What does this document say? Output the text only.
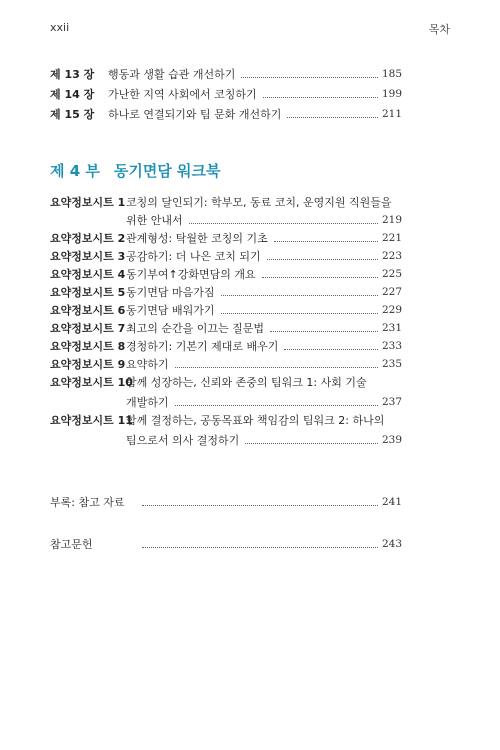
xxii	목차
제 13 장	행동과 생활 습관 개선하기	185
제 14 장	가난한 지역 사회에서 코칭하기	199
제 15 장	하나로 연결되기와 팀 문화 개선하기	211
제 4 부 동기면담 워크북
요약정보시트 1 코칭의 달인되기: 학부모, 동료 코치, 운영지원 직원들을
위한 안내서	219
요약정보시트 2 관계형성: 탁월한 코칭의 기초	221
요약정보시트 3 공감하기: 더 나은 코치 되기	223
요약정보시트 4 동기부여↑강화면담의 개요	225
요약정보시트 5 동기면담 마음가짐	227
요약정보시트 6 동기면담 배워가기	229
요약정보시트 7 최고의 순간을 이끄는 질문법	231
요약정보시트 8 경청하기: 기본기 제대로 배우기	233
요약정보시트 9 요약하기	235
요약정보시트 10
함께 성장하는, 신뢰와 존중의 팀워크 1: 사회 기술
개발하기	237
요약정보시트 11
함께 결정하는, 공동목표와 책임감의 팀워크 2: 하나의
팀으로서 의사 결정하기	239
부록: 참고 자료	241
참고문헌	243
